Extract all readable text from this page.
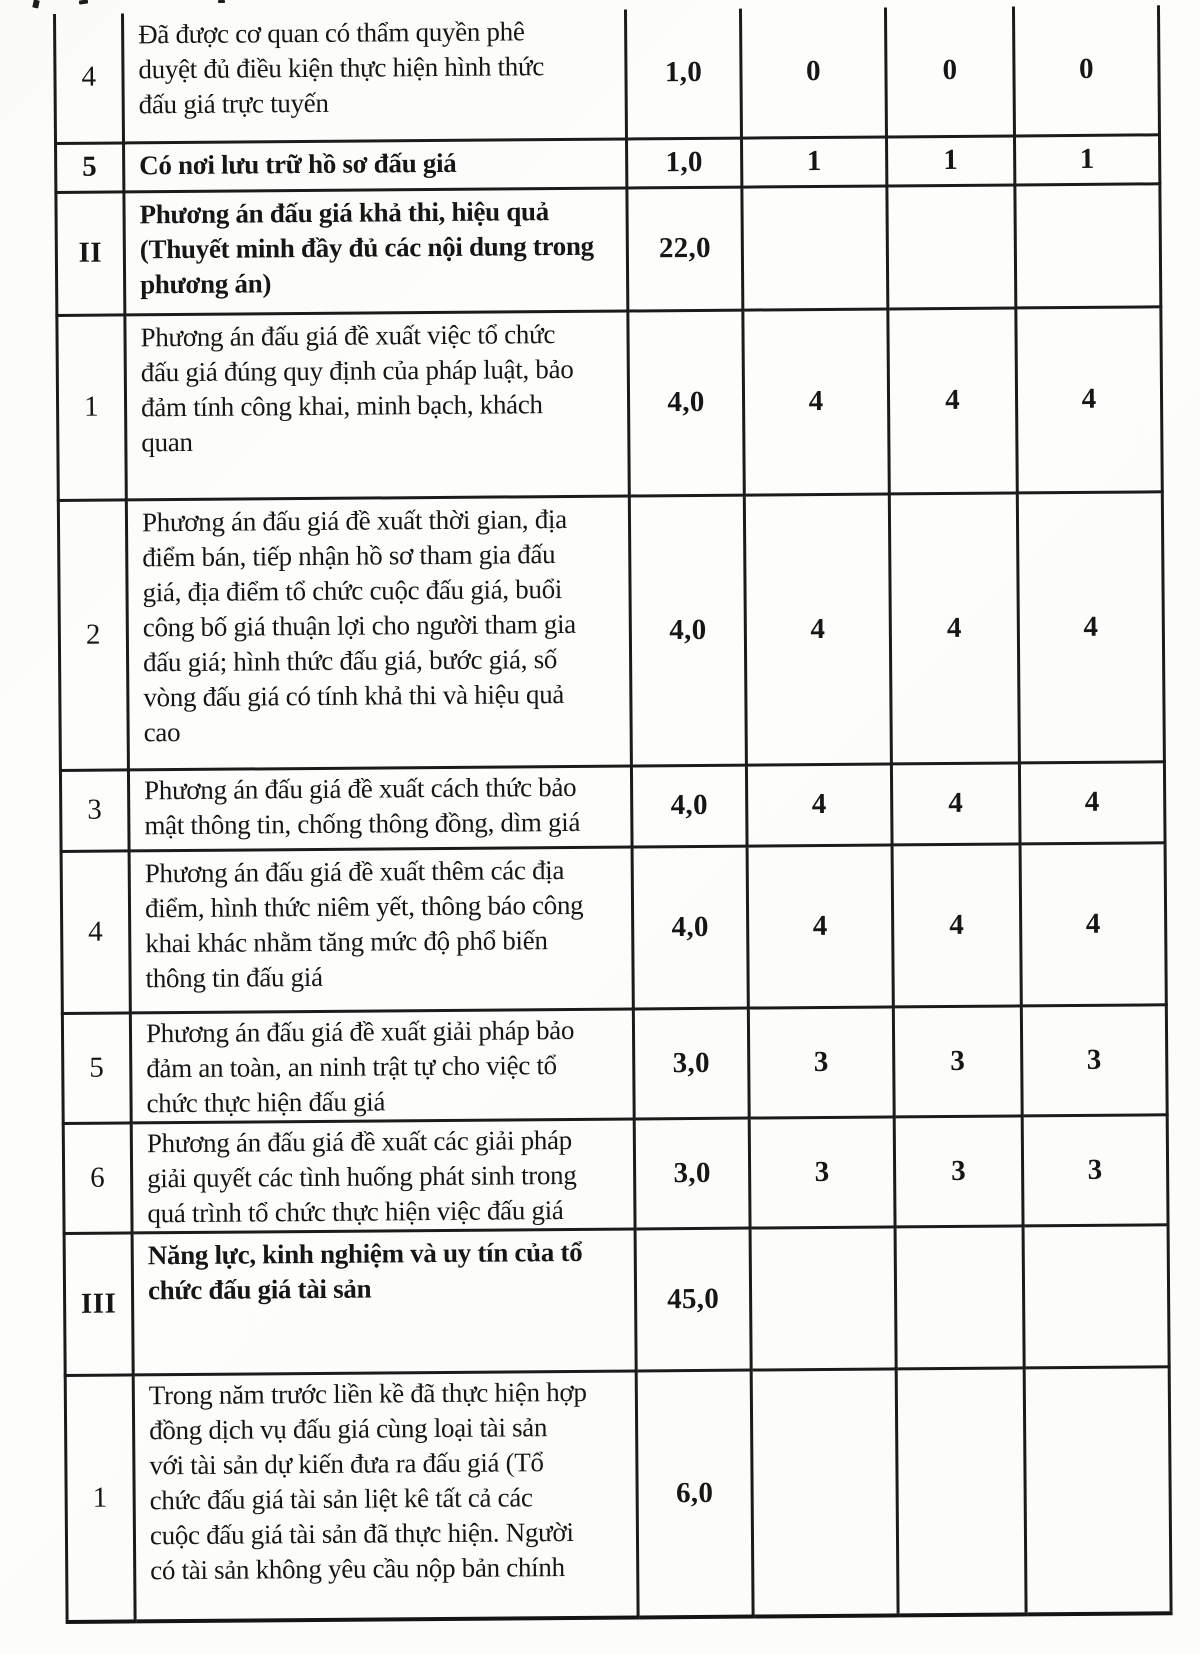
4	Đã được cơ quan có thẩm quyền phê
duyệt đủ điều kiện thực hiện hình thức
đấu giá trực tuyến	1,0	0	0	0
5	Có nơi lưu trữ hồ sơ đấu giá	1,0	1	1	1
II	Phương án đấu giá khả thi, hiệu quả
(Thuyết minh đầy đủ các nội dung trong
phương án)	22,0			
1	Phương án đấu giá đề xuất việc tổ chức
đấu giá đúng quy định của pháp luật, bảo
đảm tính công khai, minh bạch, khách
quan	4,0	4	4	4
2	Phương án đấu giá đề xuất thời gian, địa
điểm bán, tiếp nhận hồ sơ tham gia đấu
giá, địa điểm tổ chức cuộc đấu giá, buổi
công bố giá thuận lợi cho người tham gia
đấu giá; hình thức đấu giá, bước giá, số
vòng đấu giá có tính khả thi và hiệu quả
cao	4,0	4	4	4
3	Phương án đấu giá đề xuất cách thức bảo
mật thông tin, chống thông đồng, dìm giá	4,0	4	4	4
4	Phương án đấu giá đề xuất thêm các địa
điểm, hình thức niêm yết, thông báo công
khai khác nhằm tăng mức độ phổ biến
thông tin đấu giá	4,0	4	4	4
5	Phương án đấu giá đề xuất giải pháp bảo
đảm an toàn, an ninh trật tự cho việc tổ
chức thực hiện đấu giá	3,0	3	3	3
6	Phương án đấu giá đề xuất các giải pháp
giải quyết các tình huống phát sinh trong
quá trình tổ chức thực hiện việc đấu giá	3,0	3	3	3
III	Năng lực, kinh nghiệm và uy tín của tổ
chức đấu giá tài sản	45,0			
1	Trong năm trước liền kề đã thực hiện hợp
đồng dịch vụ đấu giá cùng loại tài sản
với tài sản dự kiến đưa ra đấu giá (Tổ
chức đấu giá tài sản liệt kê tất cả các
cuộc đấu giá tài sản đã thực hiện. Người
có tài sản không yêu cầu nộp bản chính	6,0			
